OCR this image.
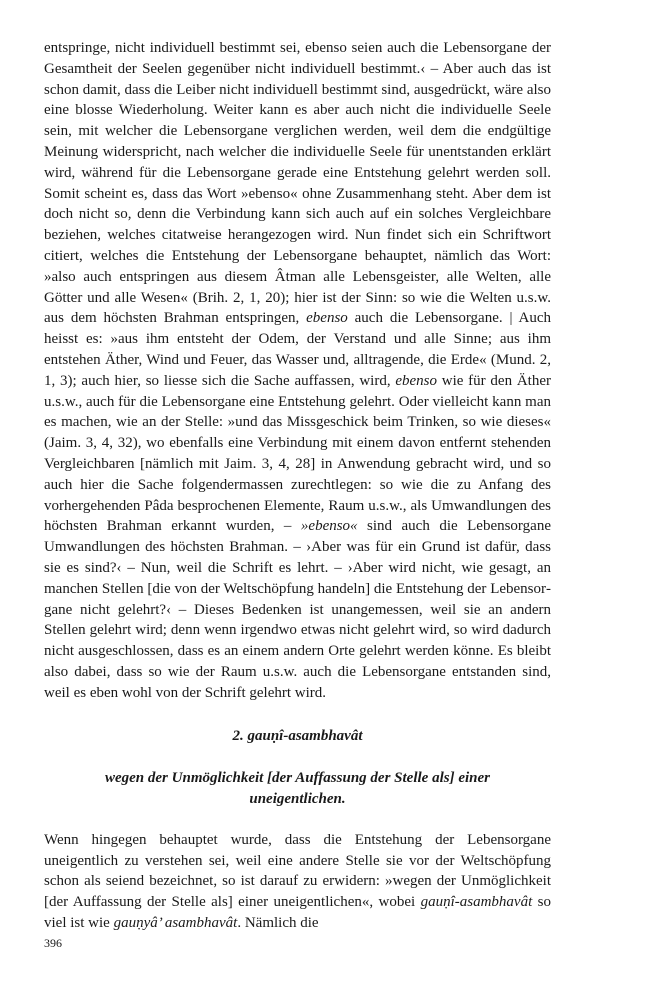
entspringe, nicht individuell bestimmt sei, ebenso seien auch die Lebensorgane der Gesamtheit der Seelen gegenüber nicht individuell bestimmt.‹ – Aber auch das ist schon damit, dass die Leiber nicht individuell bestimmt sind, ausgedrückt, wäre also eine blosse Wiederholung. Weiter kann es aber auch nicht die individuelle Seele sein, mit welcher die Lebensorgane verglichen werden, weil dem die endgültige Meinung widerspricht, nach welcher die individuelle Seele für unentstanden erklärt wird, während für die Lebensorgane gerade eine Entstehung gelehrt werden soll. Somit scheint es, dass das Wort »ebenso« ohne Zusammenhang steht. Aber dem ist doch nicht so, denn die Verbindung kann sich auch auf ein solches Vergleichbare beziehen, welches citatweise herangezogen wird. Nun findet sich ein Schriftwort citiert, welches die Entstehung der Lebensorgane behauptet, nämlich das Wort: »also auch entspringen aus diesem Âtman alle Lebensgeister, alle Welten, alle Götter und alle Wesen« (Brih. 2, 1, 20); hier ist der Sinn: so wie die Welten u.s.w. aus dem höchsten Brahman entspringen, ebenso auch die Lebensorgane. | Auch heisst es: »aus ihm entsteht der Odem, der Verstand und alle Sinne; aus ihm entstehen Äther, Wind und Feuer, das Wasser und, alltragende, die Erde« (Mund. 2, 1, 3); auch hier, so liesse sich die Sache auffassen, wird, ebenso wie für den Äther u.s.w., auch für die Lebensorgane eine Entstehung gelehrt. Oder vielleicht kann man es machen, wie an der Stelle: »und das Missgeschick beim Trinken, so wie dieses« (Jaim. 3, 4, 32), wo ebenfalls eine Verbindung mit einem davon entfernt stehenden Vergleichbaren [nämlich mit Jaim. 3, 4, 28] in Anwendung gebracht wird, und so auch hier die Sache folgendermassen zurechtlegen: so wie die zu Anfang des vorhergehenden Pâda besprochenen Elemente, Raum u.s.w., als Umwandlungen des höchsten Brahman erkannt wurden, – »ebenso« sind auch die Lebensorgane Umwandlungen des höchsten Brahman. – ›Aber was für ein Grund ist dafür, dass sie es sind?‹ – Nun, weil die Schrift es lehrt. – ›Aber wird nicht, wie gesagt, an manchen Stellen [die von der Weltschöpfung handeln] die Entstehung der Lebensorgane nicht gelehrt?‹ – Dieses Bedenken ist unangemessen, weil sie an andern Stellen gelehrt wird; denn wenn irgendwo etwas nicht gelehrt wird, so wird dadurch nicht ausgeschlossen, dass es an einem andern Orte gelehrt werden könne. Es bleibt also dabei, dass so wie der Raum u.s.w. auch die Lebensorgane entstanden sind, weil es eben wohl von der Schrift gelehrt wird.

2. gauṇî-asambhavât

wegen der Unmöglichkeit [der Auffassung der Stelle als] einer uneigentlichen.

Wenn hingegen behauptet wurde, dass die Entstehung der Lebensorgane uneigentlich zu verstehen sei, weil eine andere Stelle sie vor der Weltschöpfung schon als seiend bezeichnet, so ist darauf zu erwidern: »wegen der Unmöglichkeit [der Auffassung der Stelle als] einer uneigentlichen«, wobei gauṇî-asambhavât so viel ist wie gauṇyâ’ asambhavât. Nämlich die

396
